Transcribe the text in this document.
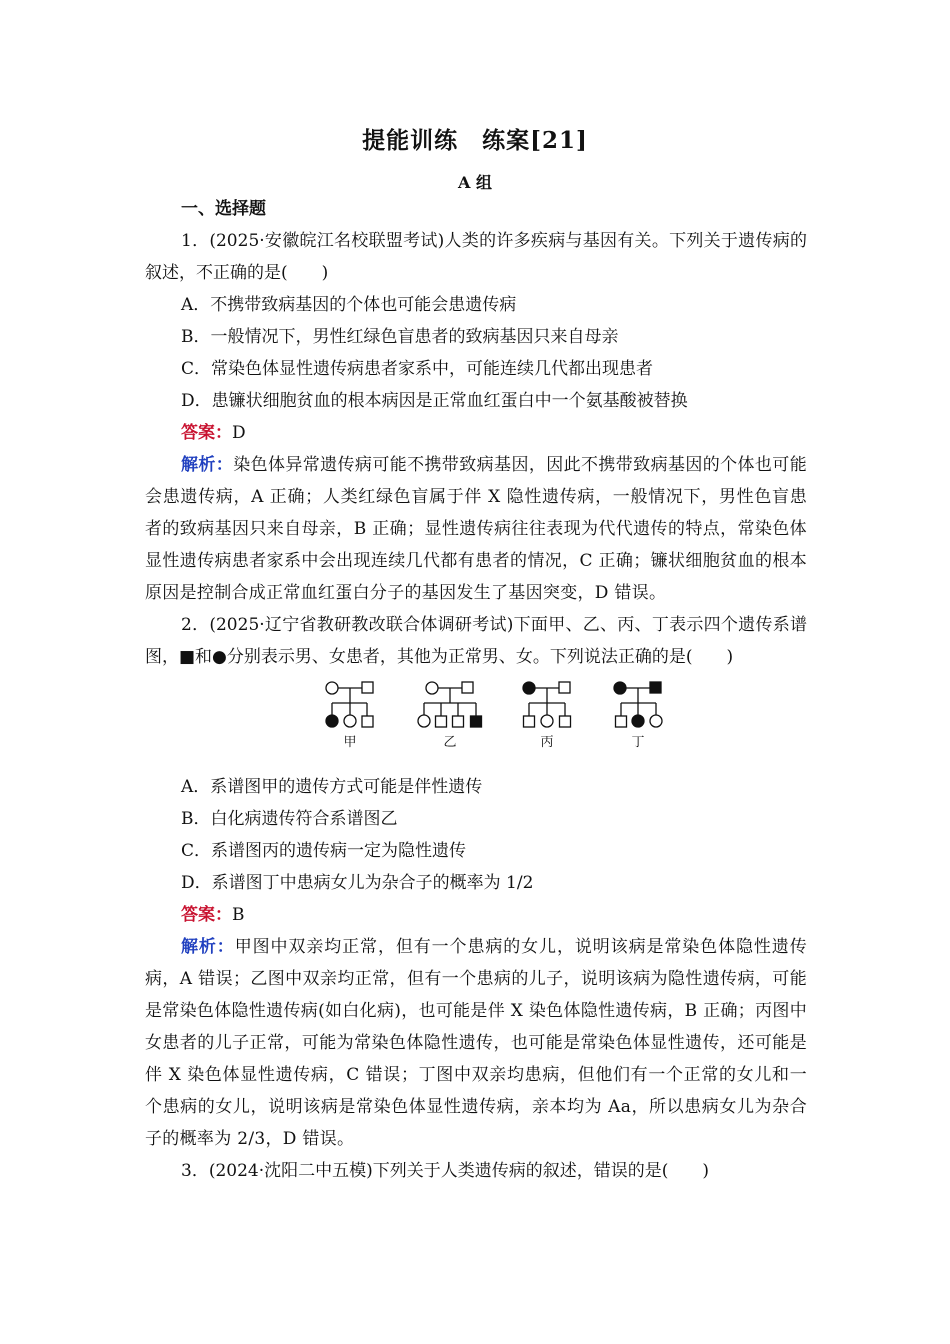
提能训练　练案[21]
A 组

一、选择题

1．(2025·安徽皖江名校联盟考试)人类的许多疾病与基因有关。下列关于遗传病的叙述，不正确的是(　　)

A．不携带致病基因的个体也可能会患遗传病

B．一般情况下，男性红绿色盲患者的致病基因只来自母亲

C．常染色体显性遗传病患者家系中，可能连续几代都出现患者

D．患镰状细胞贫血的根本病因是正常血红蛋白中一个氨基酸被替换

答案：D

解析：染色体异常遗传病可能不携带致病基因，因此不携带致病基因的个体也可能会患遗传病，A 正确；人类红绿色盲属于伴 X 隐性遗传病，一般情况下，男性色盲患者的致病基因只来自母亲，B 正确；显性遗传病往往表现为代代遗传的特点，常染色体显性遗传病患者家系中会出现连续几代都有患者的情况，C 正确；镰状细胞贫血的根本原因是控制合成正常血红蛋白分子的基因发生了基因突变，D 错误。

2．(2025·辽宁省教研教改联合体调研考试)下面甲、乙、丙、丁表示四个遗传系谱图，■和●分别表示男、女患者，其他为正常男、女。下列说法正确的是(　　)

甲	乙	丙	丁

A．系谱图甲的遗传方式可能是伴性遗传

B．白化病遗传符合系谱图乙

C．系谱图丙的遗传病一定为隐性遗传

D．系谱图丁中患病女儿为杂合子的概率为 1/2

答案：B

解析：甲图中双亲均正常，但有一个患病的女儿，说明该病是常染色体隐性遗传病，A 错误；乙图中双亲均正常，但有一个患病的儿子，说明该病为隐性遗传病，可能是常染色体隐性遗传病(如白化病)，也可能是伴 X 染色体隐性遗传病，B 正确；丙图中女患者的儿子正常，可能为常染色体隐性遗传，也可能是常染色体显性遗传，还可能是伴 X 染色体显性遗传病，C 错误；丁图中双亲均患病，但他们有一个正常的女儿和一个患病的女儿，说明该病是常染色体显性遗传病，亲本均为 Aa，所以患病女儿为杂合子的概率为 2/3，D 错误。

3．(2024·沈阳二中五模)下列关于人类遗传病的叙述，错误的是(　　)
